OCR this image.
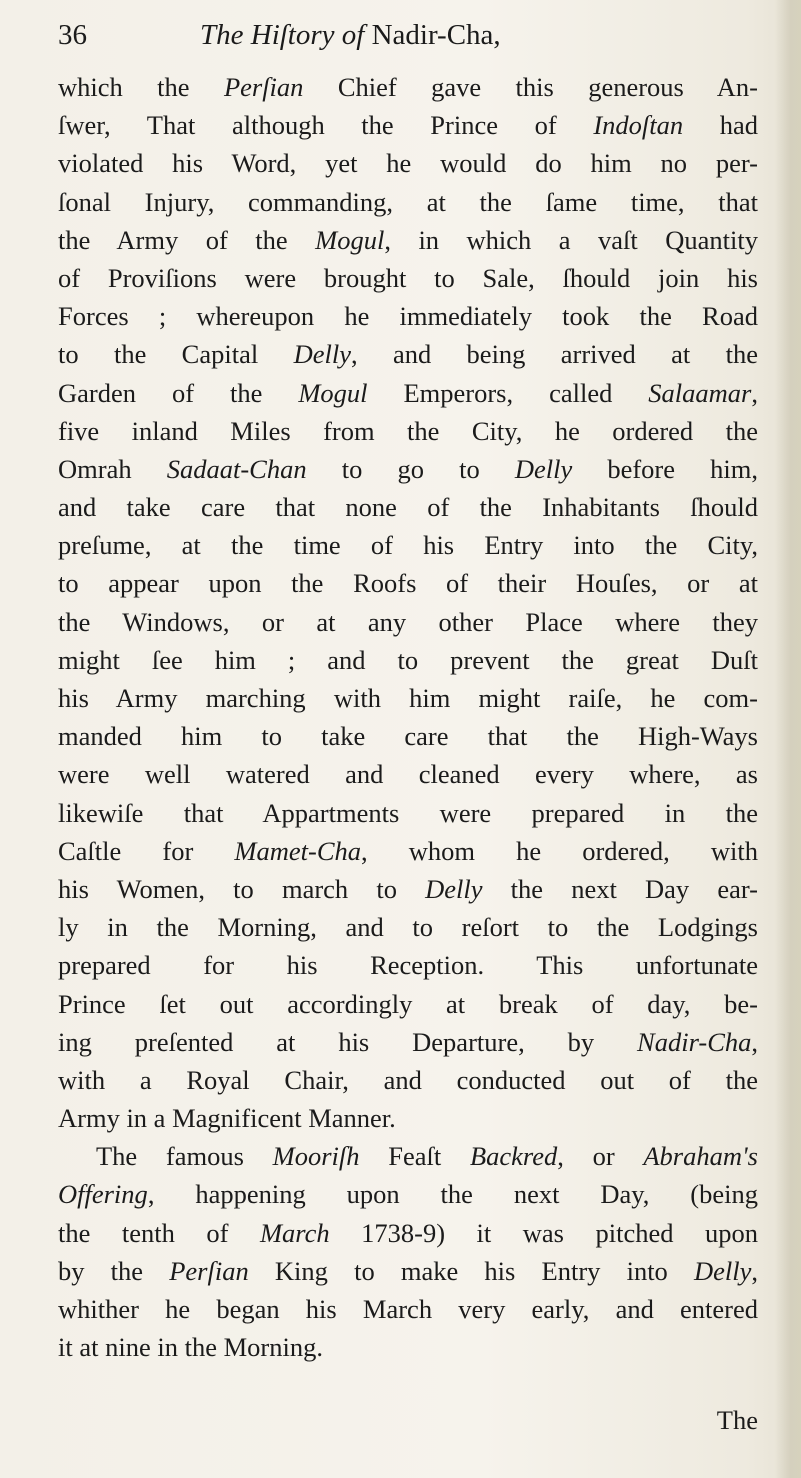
36	The Hiſtory of Nadir-Cha,
which the Perſian Chief gave this generous An-
ſwer, That although the Prince of Indoſtan had
violated his Word, yet he would do him no per-
ſonal Injury, commanding, at the ſame time, that
the Army of the Mogul, in which a vaſt Quantity
of Proviſions were brought to Sale, ſhould join his
Forces ; whereupon he immediately took the Road
to the Capital Delly, and being arrived at the
Garden of the Mogul Emperors, called Salaamar,
five inland Miles from the City, he ordered the
Omrah Sadaat-Chan to go to Delly before him,
and take care that none of the Inhabitants ſhould
preſume, at the time of his Entry into the City,
to appear upon the Roofs of their Houſes, or at
the Windows, or at any other Place where they
might ſee him ; and to prevent the great Duſt
his Army marching with him might raiſe, he com-
manded him to take care that the High-Ways
were well watered and cleaned every where, as
likewiſe that Appartments were prepared in the
Caſtle for Mamet-Cha, whom he ordered, with
his Women, to march to Delly the next Day ear-
ly in the Morning, and to reſort to the Lodgings
prepared for his Reception. This unfortunate
Prince ſet out accordingly at break of day, be-
ing preſented at his Departure, by Nadir-Cha,
with a Royal Chair, and conducted out of the
Army in a Magnificent Manner.
The famous Mooriſh Feaſt Backred, or Abraham's
Offering, happening upon the next Day, (being
the tenth of March 1738-9) it was pitched upon
by the Perſian King to make his Entry into Delly,
whither he began his March very early, and entered
it at nine in the Morning.
The
